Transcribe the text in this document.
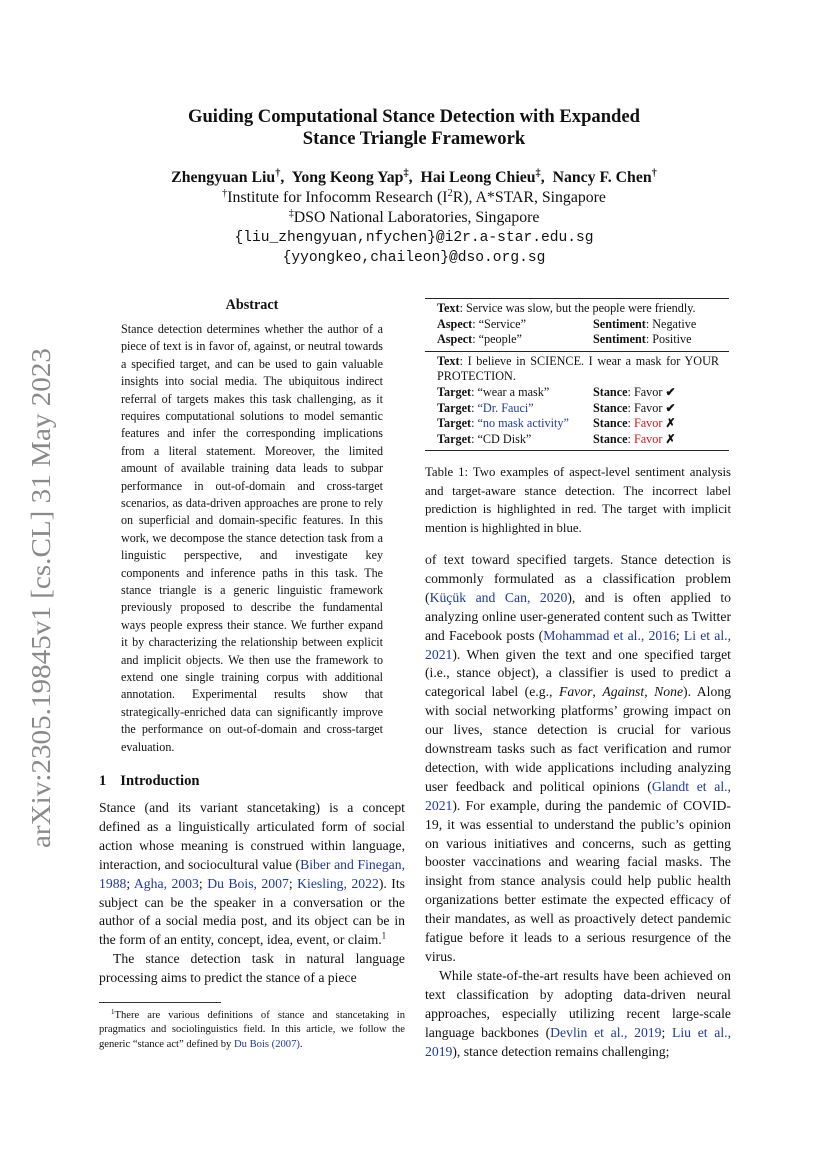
arXiv:2305.19845v1 [cs.CL] 31 May 2023
Guiding Computational Stance Detection with Expanded
Stance Triangle Framework
Zhengyuan Liu†,  Yong Keong Yap‡,  Hai Leong Chieu‡,  Nancy F. Chen†
†Institute for Infocomm Research $(I^2R)$, A*STAR, Singapore
‡DSO National Laboratories, Singapore
{liu_zhengyuan,nfychen}@i2r.a-star.edu.sg
{yyongkeo,chaileon}@dso.org.sg
Abstract
Stance detection determines whether the author of a piece of text is in favor of, against, or neutral towards a specified target, and can be used to gain valuable insights into social media. The ubiquitous indirect referral of targets makes this task challenging, as it requires computational solutions to model semantic features and infer the corresponding implications from a literal statement. Moreover, the limited amount of available training data leads to subpar performance in out-of-domain and cross-target scenarios, as data-driven approaches are prone to rely on superficial and domain-specific features. In this work, we decompose the stance detection task from a linguistic perspective, and investigate key components and inference paths in this task. The stance triangle is a generic linguistic framework previously proposed to describe the fundamental ways people express their stance. We further expand it by characterizing the relationship between explicit and implicit objects. We then use the framework to extend one single training corpus with additional annotation. Experimental results show that strategically-enriched data can significantly improve the performance on out-of-domain and cross-target evaluation.
1 Introduction

Stance (and its variant stancetaking) is a concept defined as a linguistically articulated form of social action whose meaning is construed within language, interaction, and sociocultural value (Biber and Finegan, 1988; Agha, 2003; Du Bois, 2007; Kiesling, 2022). Its subject can be the speaker in a conversation or the author of a social media post, and its object can be in the form of an entity, concept, idea, event, or claim.$^1$

The stance detection task in natural language processing aims to predict the stance of a piece

$^1$There are various definitions of stance and stancetaking in pragmatics and sociolinguistics field. In this article, we follow the generic “stance act” defined by Du Bois (2007).

Text: Service was slow, but the people were friendly.
Aspect: “Service”	Sentiment: Negative
Aspect: “people”	Sentiment: Positive
Text: I believe in SCIENCE. I wear a mask for YOUR PROTECTION.
Target: “wear a mask”	Stance: Favor ✔
Target: “Dr. Fauci”	Stance: Favor ✔
Target: “no mask activity”	Stance: Favor ✗
Target: “CD Disk”	Stance: Favor ✗
Table 1: Two examples of aspect-level sentiment analysis and target-aware stance detection. The incorrect label prediction is highlighted in red. The target with implicit mention is highlighted in blue.

of text toward specified targets. Stance detection is commonly formulated as a classification problem (Küçük and Can, 2020), and is often applied to analyzing online user-generated content such as Twitter and Facebook posts (Mohammad et al., 2016; Li et al., 2021). When given the text and one specified target (i.e., stance object), a classifier is used to predict a categorical label (e.g., Favor, Against, None). Along with social networking platforms’ growing impact on our lives, stance detection is crucial for various downstream tasks such as fact verification and rumor detection, with wide applications including analyzing user feedback and political opinions (Glandt et al., 2021). For example, during the pandemic of COVID-19, it was essential to understand the public’s opinion on various initiatives and concerns, such as getting booster vaccinations and wearing facial masks. The insight from stance analysis could help public health organizations better estimate the expected efficacy of their mandates, as well as proactively detect pandemic fatigue before it leads to a serious resurgence of the virus.

While state-of-the-art results have been achieved on text classification by adopting data-driven neural approaches, especially utilizing recent large-scale language backbones (Devlin et al., 2019; Liu et al., 2019), stance detection remains challenging;
